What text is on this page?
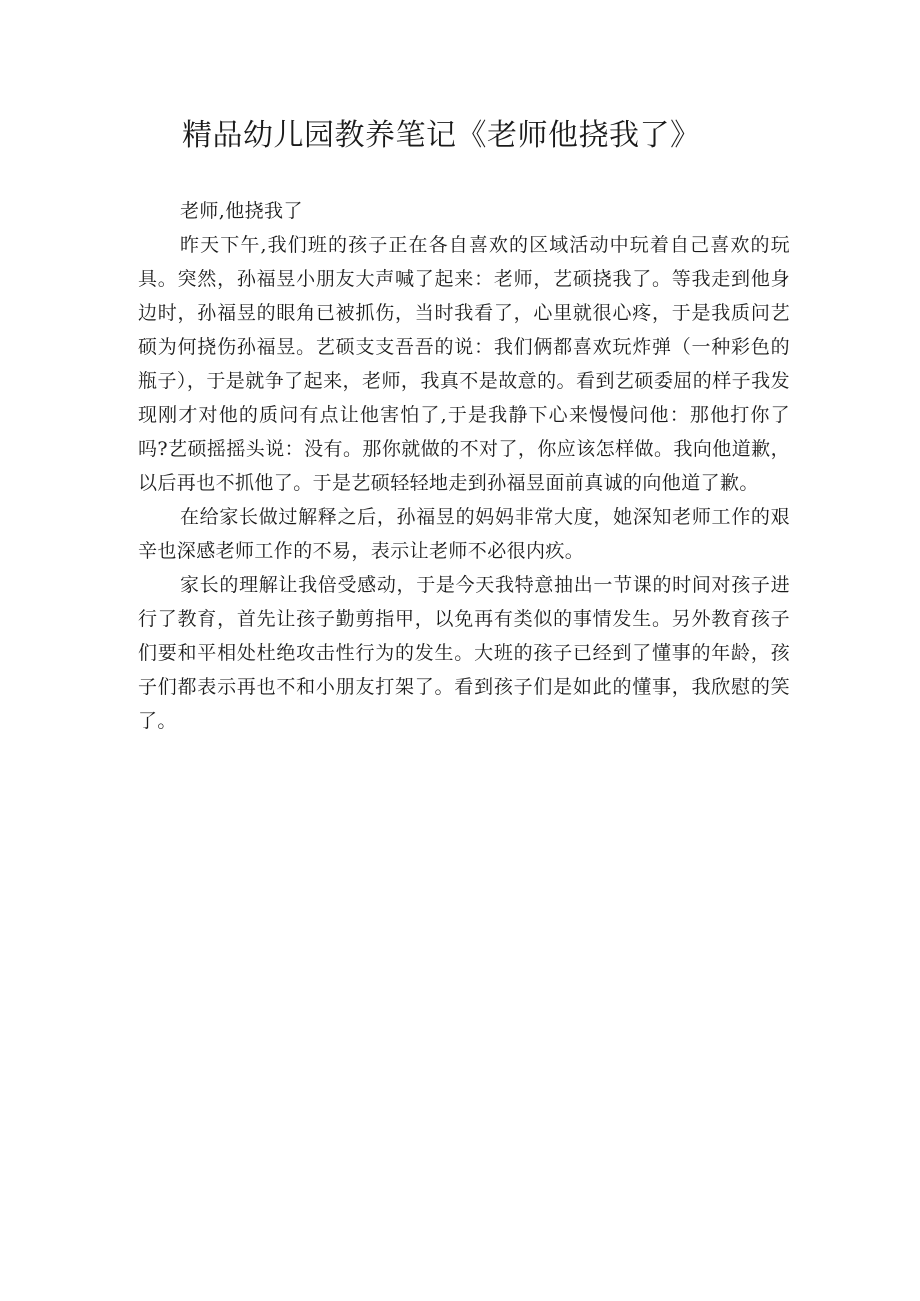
精品幼儿园教养笔记《老师他挠我了》

老师,他挠我了

昨天下午,我们班的孩子正在各自喜欢的区域活动中玩着自己喜欢的玩具。突然，孙福昱小朋友大声喊了起来：老师，艺硕挠我了。等我走到他身边时，孙福昱的眼角已被抓伤，当时我看了，心里就很心疼，于是我质问艺硕为何挠伤孙福昱。艺硕支支吾吾的说：我们俩都喜欢玩炸弹（一种彩色的瓶子），于是就争了起来，老师，我真不是故意的。看到艺硕委屈的样子我发现刚才对他的质问有点让他害怕了,于是我静下心来慢慢问他：那他打你了吗?艺硕摇摇头说：没有。那你就做的不对了，你应该怎样做。我向他道歉，以后再也不抓他了。于是艺硕轻轻地走到孙福昱面前真诚的向他道了歉。

在给家长做过解释之后，孙福昱的妈妈非常大度，她深知老师工作的艰辛也深感老师工作的不易，表示让老师不必很内疚。

家长的理解让我倍受感动，于是今天我特意抽出一节课的时间对孩子进行了教育，首先让孩子勤剪指甲，以免再有类似的事情发生。另外教育孩子们要和平相处杜绝攻击性行为的发生。大班的孩子已经到了懂事的年龄，孩子们都表示再也不和小朋友打架了。看到孩子们是如此的懂事，我欣慰的笑了。
